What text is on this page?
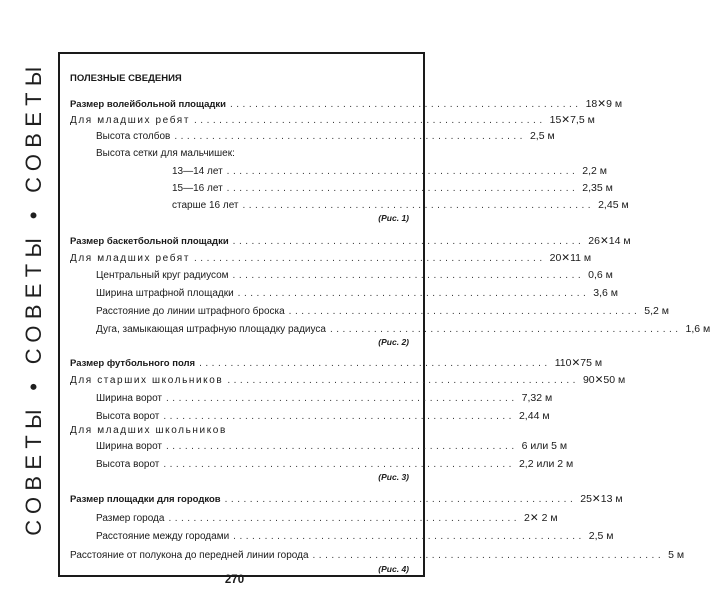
СОВЕТЫ • СОВЕТЫ • СОВЕТЫ	ПОЛЕЗНЫЕ СВЕДЕНИЯ
Размер волейбольной площадки ........................................................ 18✕9 м
Для младших ребят ........................................................ 15✕7,5 м
Высота столбов ........................................................ 2,5 м
Высота сетки для мальчишек:
13—14 лет ........................................................ 2,2 м
15—16 лет ........................................................ 2,35 м
старше 16 лет ........................................................ 2,45 м
(Рис. 1)
Размер баскетбольной площадки ........................................................ 26✕14 м
Для младших ребят ........................................................ 20✕11 м
Центральный круг радиусом ........................................................ 0,6 м
Ширина штрафной площадки ........................................................ 3,6 м
Расстояние до линии штрафного броска ........................................................ 5,2 м
Дуга, замыкающая штрафную площадку радиуса ........................................................ 1,6 м
(Рис. 2)
Размер футбольного поля ........................................................ 110✕75 м
Для старших школьников ........................................................ 90✕50 м
Ширина ворот ........................................................ 7,32 м
Высота ворот ........................................................ 2,44 м
Для младших школьников
Ширина ворот ........................................................ 6 или 5 м
Высота ворот ........................................................ 2,2 или 2 м
(Рис. 3)
Размер площадки для городков ........................................................ 25✕13 м
Размер города ........................................................ 2✕ 2 м
Расстояние между городами ........................................................ 2,5 м
Расстояние от полукона до передней линии города ........................................................ 5 м
(Рис. 4)
270
